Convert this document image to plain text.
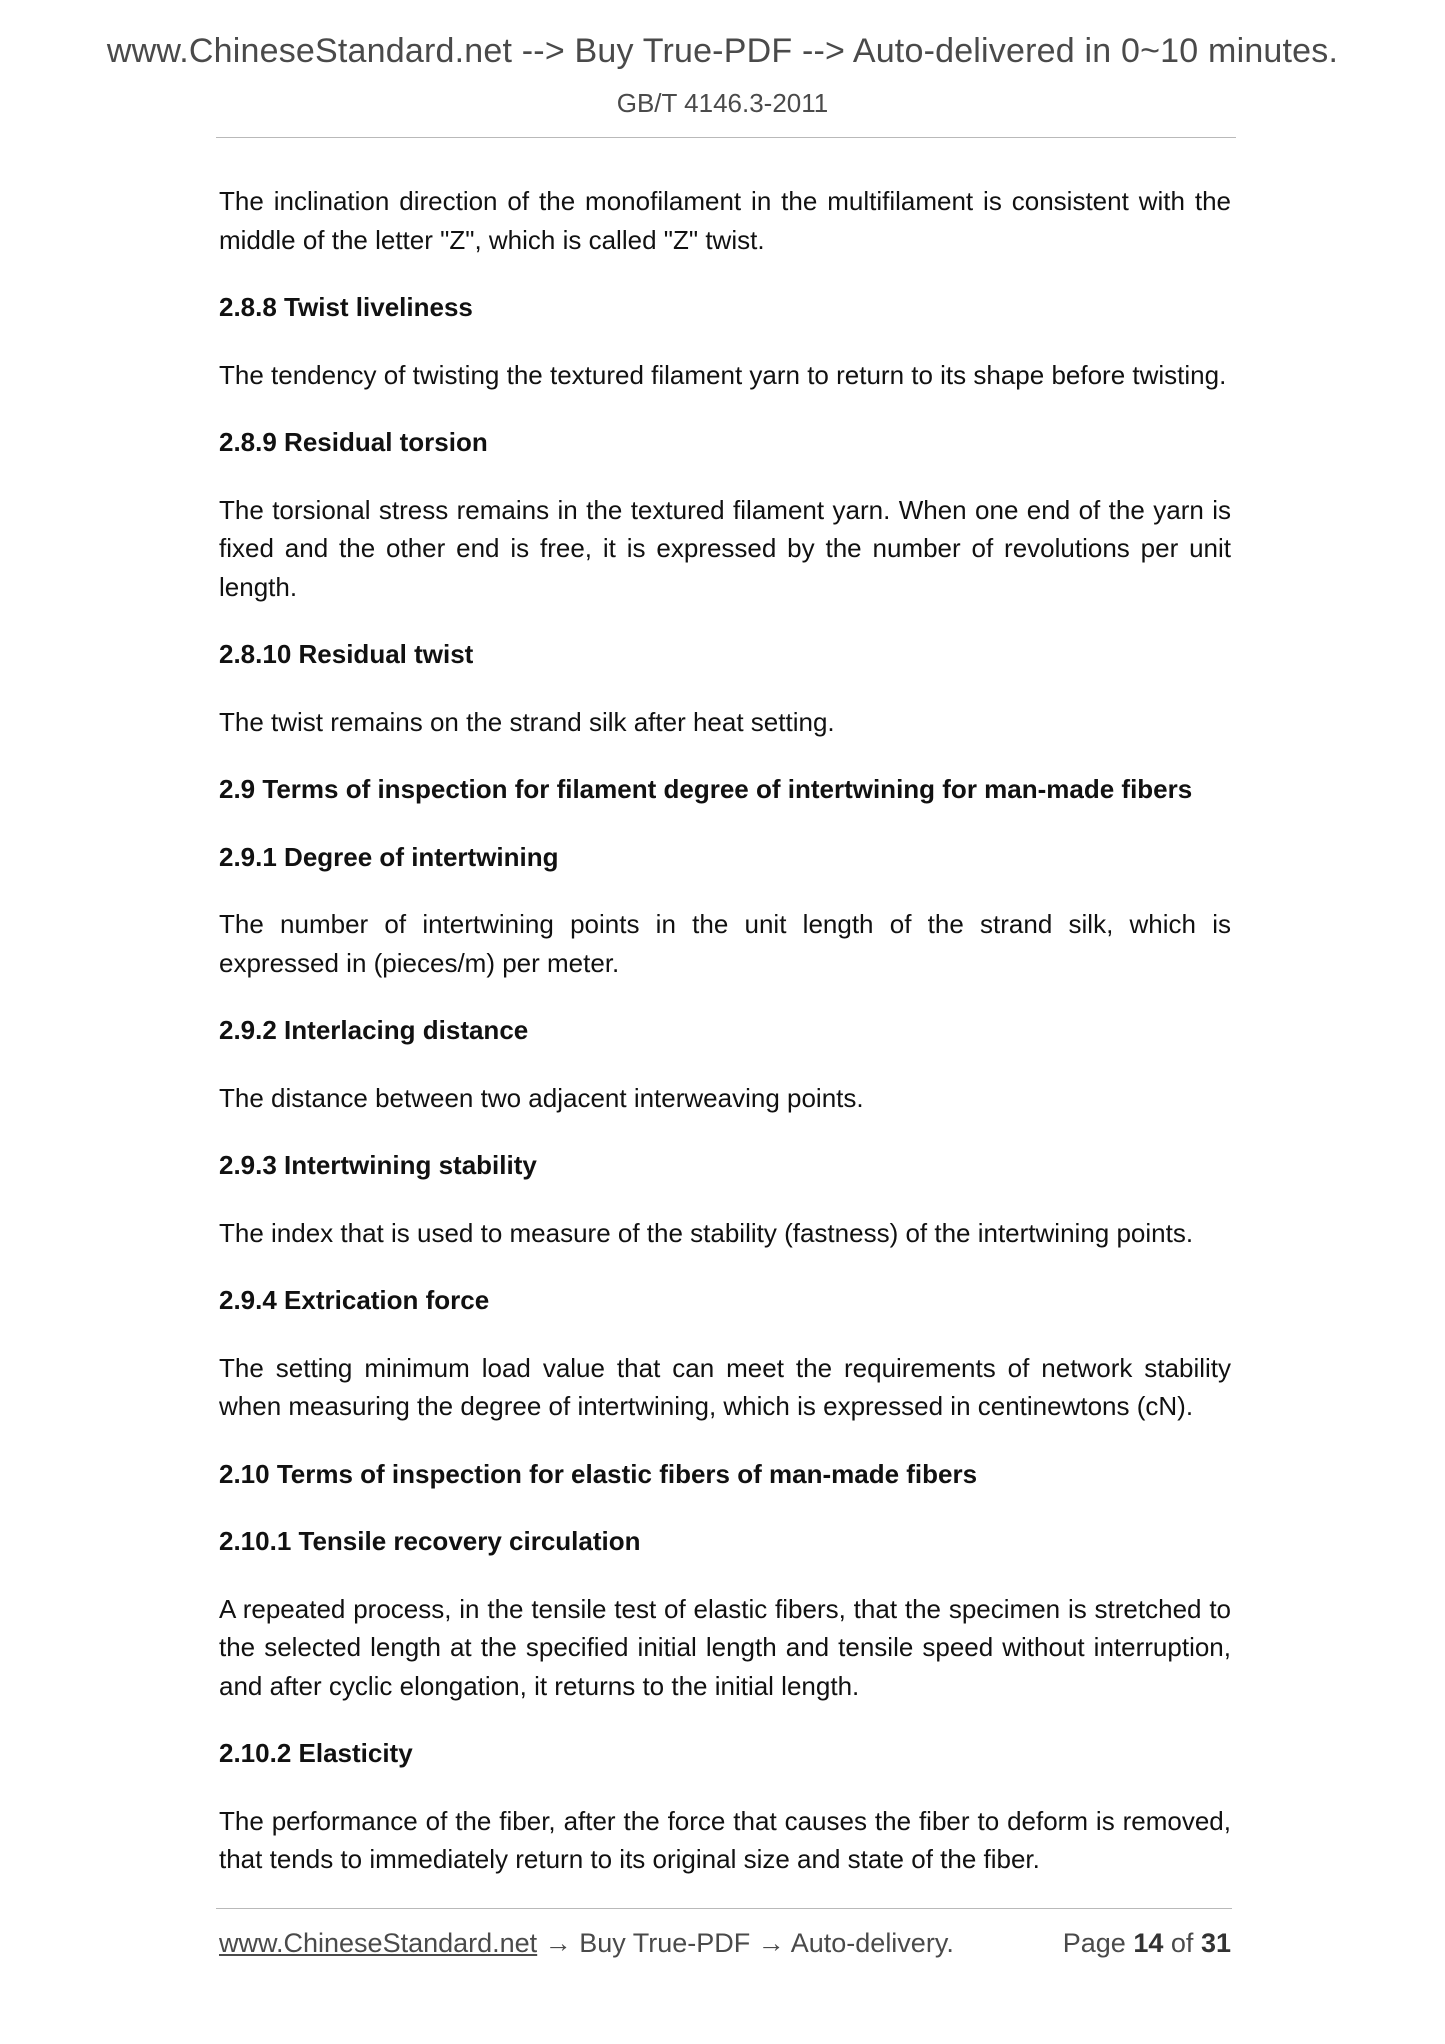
www.ChineseStandard.net --> Buy True-PDF --> Auto-delivered in 0~10 minutes.
GB/T 4146.3-2011

The inclination direction of the monofilament in the multifilament is consistent with the middle of the letter "Z", which is called "Z" twist.

2.8.8 Twist liveliness

The tendency of twisting the textured filament yarn to return to its shape before twisting.

2.8.9 Residual torsion

The torsional stress remains in the textured filament yarn. When one end of the yarn is fixed and the other end is free, it is expressed by the number of revolutions per unit length.

2.8.10 Residual twist

The twist remains on the strand silk after heat setting.

2.9 Terms of inspection for filament degree of intertwining for man-made fibers

2.9.1 Degree of intertwining

The number of intertwining points in the unit length of the strand silk, which is expressed in (pieces/m) per meter.

2.9.2 Interlacing distance

The distance between two adjacent interweaving points.

2.9.3 Intertwining stability

The index that is used to measure of the stability (fastness) of the intertwining points.

2.9.4 Extrication force

The setting minimum load value that can meet the requirements of network stability when measuring the degree of intertwining, which is expressed in centinewtons (cN).

2.10 Terms of inspection for elastic fibers of man-made fibers

2.10.1 Tensile recovery circulation

A repeated process, in the tensile test of elastic fibers, that the specimen is stretched to the selected length at the specified initial length and tensile speed without interruption, and after cyclic elongation, it returns to the initial length.

2.10.2 Elasticity

The performance of the fiber, after the force that causes the fiber to deform is removed, that tends to immediately return to its original size and state of the fiber.

www.ChineseStandard.net → Buy True-PDF → Auto-delivery.	Page 14 of 31
